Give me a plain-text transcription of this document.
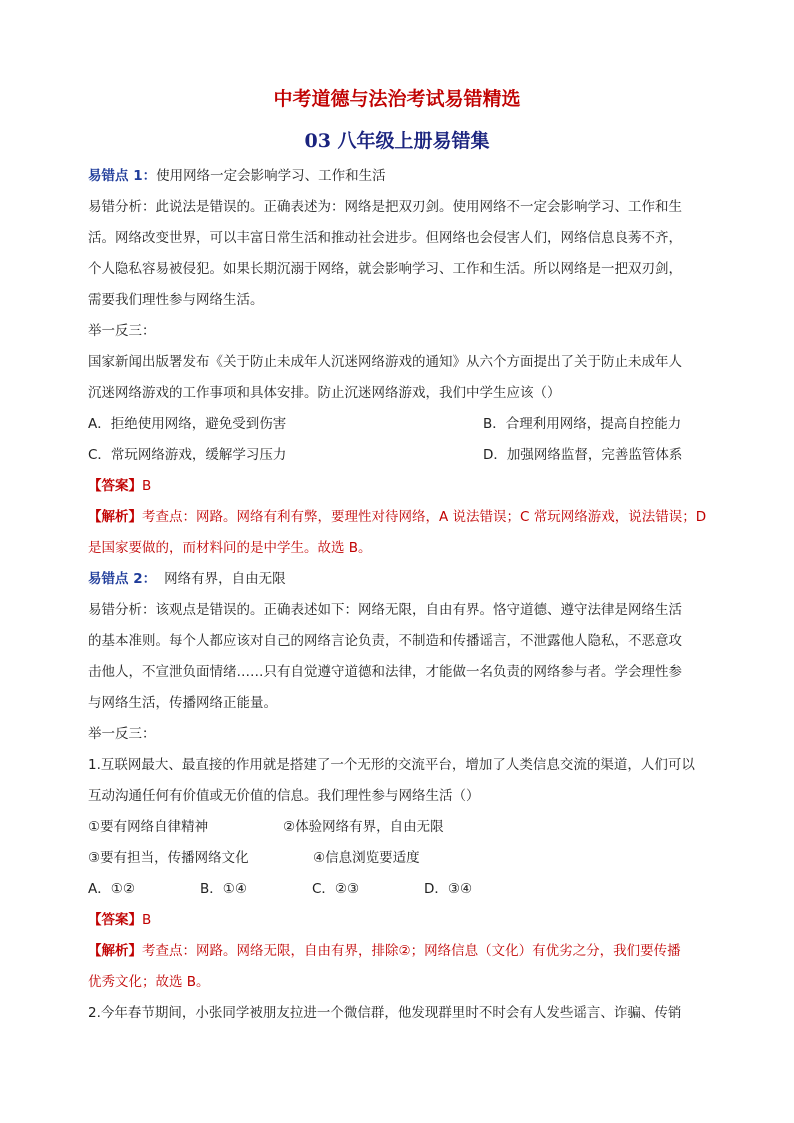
中考道德与法治考试易错精选
03 八年级上册易错集
易错点 1：使用网络一定会影响学习、工作和生活
易错分析：此说法是错误的。正确表述为：网络是把双刃剑。使用网络不一定会影响学习、工作和生
活。网络改变世界，可以丰富日常生活和推动社会进步。但网络也会侵害人们，网络信息良莠不齐，
个人隐私容易被侵犯。如果长期沉溺于网络，就会影响学习、工作和生活。所以网络是一把双刃剑，
需要我们理性参与网络生活。
举一反三：
国家新闻出版署发布《关于防止未成年人沉迷网络游戏的通知》从六个方面提出了关于防止未成年人
沉迷网络游戏的工作事项和具体安排。防止沉迷网络游戏，我们中学生应该（）
A．拒绝使用网络，避免受到伤害	B．合理利用网络，提高自控能力
C．常玩网络游戏，缓解学习压力	D．加强网络监督，完善监管体系
【答案】B
【解析】考查点：网路。网络有利有弊，要理性对待网络，A 说法错误；C 常玩网络游戏，说法错误；D
是国家要做的，而材料问的是中学生。故选 B。
易错点 2： 网络有界，自由无限
易错分析：该观点是错误的。正确表述如下：网络无限，自由有界。恪守道德、遵守法律是网络生活
的基本准则。每个人都应该对自己的网络言论负责，不制造和传播谣言，不泄露他人隐私，不恶意攻
击他人，不宣泄负面情绪……只有自觉遵守道德和法律，才能做一名负责的网络参与者。学会理性参
与网络生活，传播网络正能量。
举一反三：
1.互联网最大、最直接的作用就是搭建了一个无形的交流平台，增加了人类信息交流的渠道，人们可以
互动沟通任何有价值或无价值的信息。我们理性参与网络生活（）
①要有网络自律精神	②体验网络有界，自由无限
③要有担当，传播网络文化	④信息浏览要适度
A．①②	B．①④	C．②③	D．③④
【答案】B
【解析】考查点：网路。网络无限，自由有界，排除②；网络信息（文化）有优劣之分，我们要传播
优秀文化；故选 B。
2.今年春节期间，小张同学被朋友拉进一个微信群，他发现群里时不时会有人发些谣言、诈骗、传销
